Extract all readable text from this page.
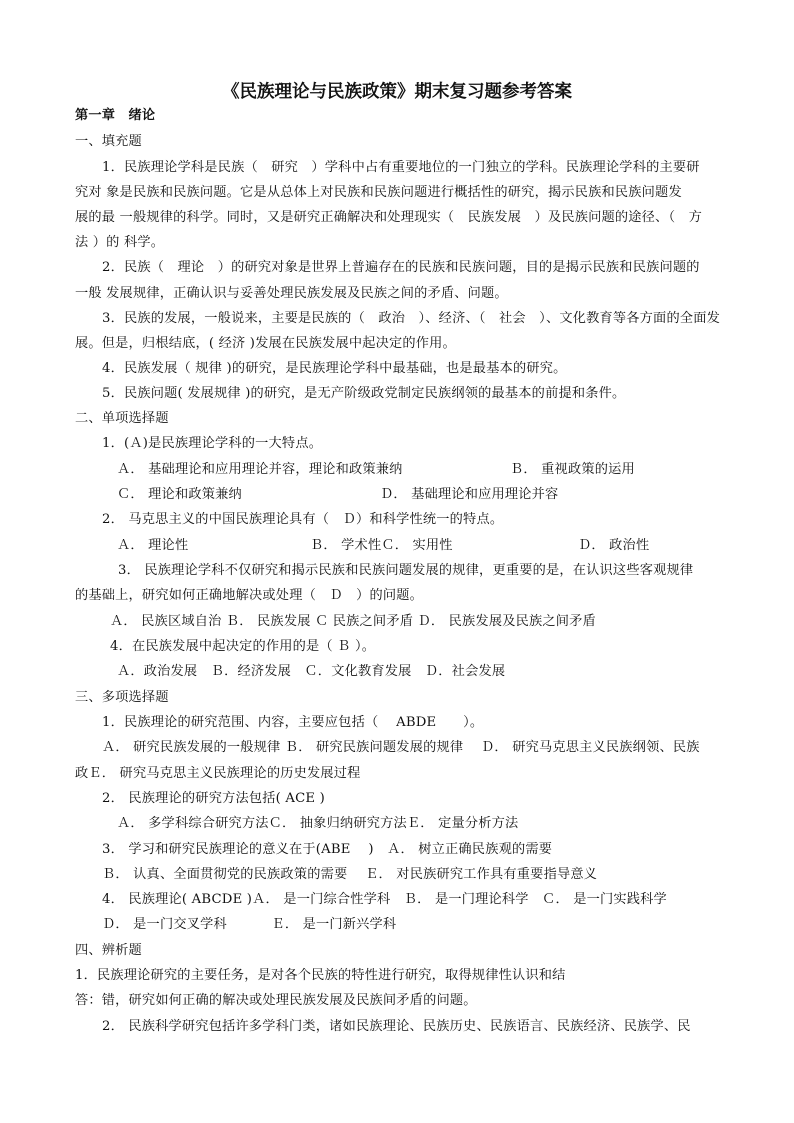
《民族理论与民族政策》期末复习题参考答案
第一章　绪论
一、填充题
1．民族理论学科是民族（　研究　）学科中占有重要地位的一门独立的学科。民族理论学科的主要研
究对 象是民族和民族问题。它是从总体上对民族和民族问题进行概括性的研究，揭示民族和民族问题发
展的最 一般规律的科学。同时，又是研究正确解决和处理现实（　民族发展　）及民族问题的途径、（　方
法 ）的 科学。
2．民族（　理论　）的研究对象是世界上普遍存在的民族和民族问题，目的是揭示民族和民族问题的
一般 发展规律，正确认识与妥善处理民族发展及民族之间的矛盾、问题。
3．民族的发展，一般说来，主要是民族的（　政治　）、经济、（　社会　）、文化教育等各方面的全面发
展。但是，归根结底，( 经济 )发展在民族发展中起决定的作用。
4．民族发展（ 规律 )的研究，是民族理论学科中最基础，也是最基本的研究。
5．民族问题( 发展规律 )的研究，是无产阶级政党制定民族纲领的最基本的前提和条件。
二、单项选择题
1．(Ａ)是民族理论学科的一大特点。
Ａ． 基础理论和应用理论并容，理论和政策兼纳	Ｂ． 重视政策的运用
Ｃ． 理论和政策兼纳	Ｄ． 基础理论和应用理论并容
2． 马克思主义的中国民族理论具有（　Ｄ）和科学性统一的特点。
Ａ． 理论性	Ｂ． 学术性Ｃ． 实用性	Ｄ． 政治性
3． 民族理论学科不仅研究和揭示民族和民族问题发展的规律，更重要的是，在认识这些客观规律
的基础上，研究如何正确地解决或处理（　Ｄ　）的问题。
Ａ． 民族区域自治 Ｂ． 民族发展 Ｃ 民族之间矛盾 Ｄ． 民族发展及民族之间矛盾
4．在民族发展中起决定的作用的是（ Ｂ ）。
Ａ．政治发展　Ｂ．经济发展　Ｃ．文化教育发展　Ｄ．社会发展
三、多项选择题
1．民族理论的研究范围、内容，主要应包括（　 ABDE　　）。
Ａ． 研究民族发展的一般规律 Ｂ． 研究民族问题发展的规律　 Ｄ． 研究马克思主义民族纲领、民族
政Ｅ． 研究马克思主义民族理论的历史发展过程
2． 民族理论的研究方法包括( ACE )
Ａ． 多学科综合研究方法Ｃ． 抽象归纳研究方法Ｅ． 定量分析方法
3． 学习和研究民族理论的意义在于(ABE　 )　Ａ． 树立正确民族观的需要
Ｂ． 认真、全面贯彻党的民族政策的需要　 Ｅ． 对民族研究工作具有重要指导意义
4． 民族理论( ABCDE )Ａ． 是一门综合性学科　Ｂ． 是一门理论科学　Ｃ． 是一门实践科学
Ｄ． 是一门交叉学科　　　 Ｅ． 是一门新兴学科
四、辨析题
1．民族理论研究的主要任务，是对各个民族的特性进行研究，取得规律性认识和结
答：错，研究如何正确的解决或处理民族发展及民族间矛盾的问题。
2． 民族科学研究包括许多学科门类，诸如民族理论、民族历史、民族语言、民族经济、民族学、民
